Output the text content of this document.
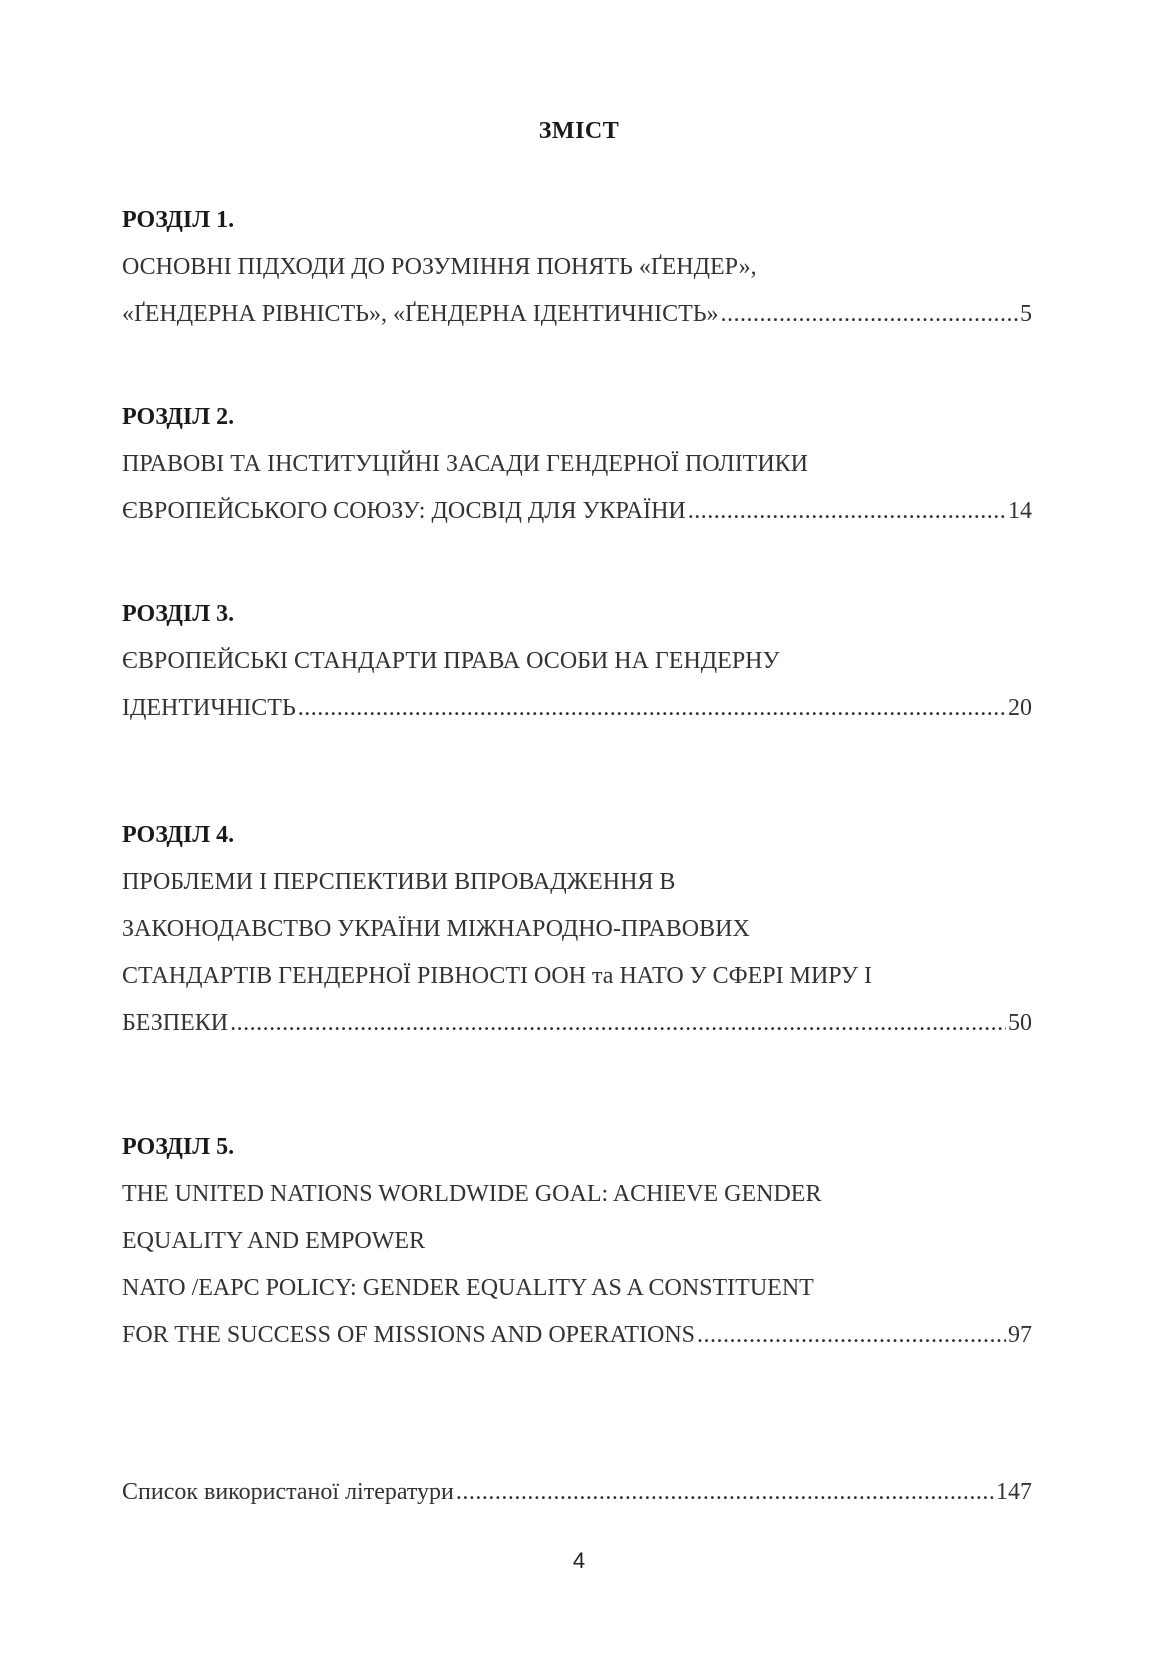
ЗМІСТ
РОЗДІЛ 1.
ОСНОВНІ ПІДХОДИ ДО РОЗУМІННЯ ПОНЯТЬ «ҐЕНДЕР»,
«ҐЕНДЕРНА РІВНІСТЬ», «ҐЕНДЕРНА ІДЕНТИЧНІСТЬ» .....	5
РОЗДІЛ 2.
ПРАВОВІ ТА ІНСТИТУЦІЙНІ ЗАСАДИ ГЕНДЕРНОЇ ПОЛІТИКИ
ЄВРОПЕЙСЬКОГО СОЮЗУ: ДОСВІД ДЛЯ УКРАЇНИ .....	14
РОЗДІЛ 3.
ЄВРОПЕЙСЬКІ СТАНДАРТИ ПРАВА ОСОБИ НА ГЕНДЕРНУ
ІДЕНТИЧНІСТЬ .....	20
РОЗДІЛ 4.
ПРОБЛЕМИ І ПЕРСПЕКТИВИ ВПРОВАДЖЕННЯ В
ЗАКОНОДАВСТВО УКРАЇНИ МІЖНАРОДНО-ПРАВОВИХ
СТАНДАРТІВ ГЕНДЕРНОЇ РІВНОСТІ ООН та НАТО У СФЕРІ МИРУ І
БЕЗПЕКИ .....	50
РОЗДІЛ 5.
THE UNITED NATIONS WORLDWIDE GOAL: ACHIEVE GENDER
EQUALITY AND EMPOWER
NATO /EAPC POLICY: GENDER EQUALITY AS A CONSTITUENT
FOR THE SUCCESS OF MISSIONS AND OPERATIONS .....	97
Список використаної літератури .....	147
4
